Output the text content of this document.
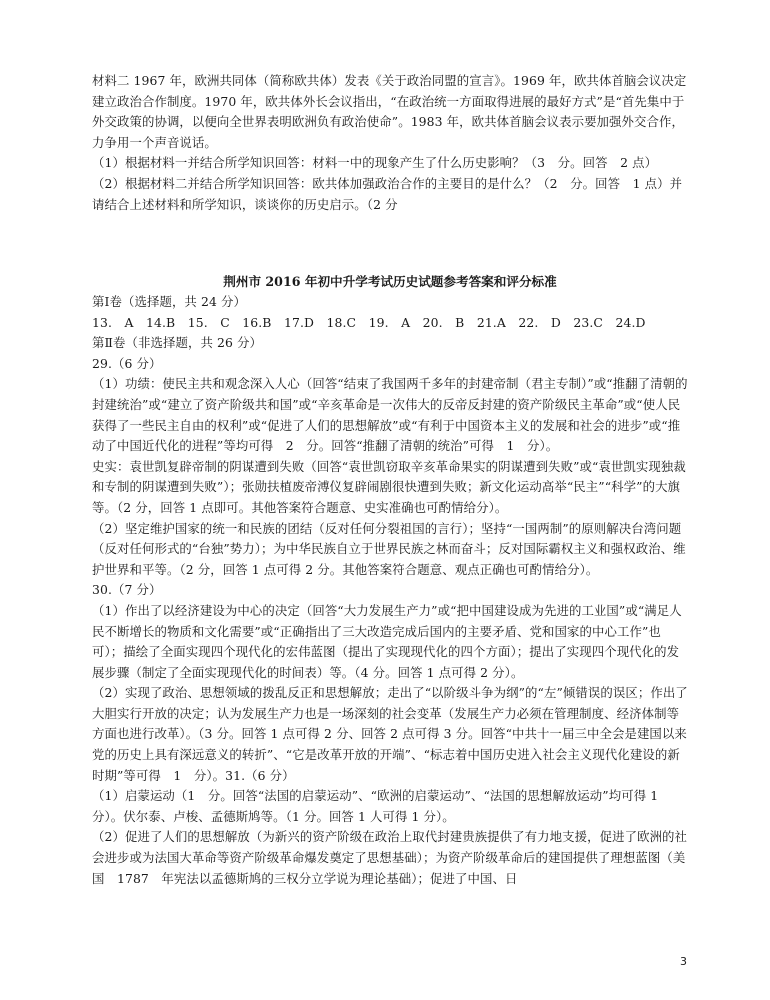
材料二 1967 年，欧洲共同体（简称欧共体）发表《关于政治同盟的宣言》。1969 年，欧共体首脑会议决定建立政治合作制度。1970 年，欧共体外长会议指出，“在政治统一方面取得进展的最好方式”是“首先集中于外交政策的协调，以便向全世界表明欧洲负有政治使命”。1983 年，欧共体首脑会议表示要加强外交合作，力争用一个声音说话。

（1）根据材料一并结合所学知识回答：材料一中的现象产生了什么历史影响？（3　分。回答　2 点）

（2）根据材料二并结合所学知识回答：欧共体加强政治合作的主要目的是什么？（2　分。回答　1 点）并请结合上述材料和所学知识，谈谈你的历史启示。（2 分

荆州市 2016 年初中升学考试历史试题参考答案和评分标准

第Ⅰ卷（选择题，共 24 分）

13.　A　14.B　15.　C　16.B　17.D　18.C　19.　A　20.　B　21.A　22.　D　23.C　24.D

第Ⅱ卷（非选择题，共 26 分）

29.（6 分）

（1）功绩：使民主共和观念深入人心（回答“结束了我国两千多年的封建帝制（君主专制）”或“推翻了清朝的封建统治”或“建立了资产阶级共和国”或“辛亥革命是一次伟大的反帝反封建的资产阶级民主革命”或“使人民获得了一些民主自由的权利”或“促进了人们的思想解放”或“有利于中国资本主义的发展和社会的进步”或“推动了中国近代化的进程”等均可得　2　分。回答“推翻了清朝的统治”可得　1　分）。

史实：袁世凯复辟帝制的阴谋遭到失败（回答“袁世凯窃取辛亥革命果实的阴谋遭到失败”或“袁世凯实现独裁和专制的阴谋遭到失败”）；张勋扶植废帝溥仪复辟闹剧很快遭到失败；新文化运动高举“民主”“科学”的大旗等。（2 分，回答 1 点即可。其他答案符合题意、史实准确也可酌情给分）。

（2）坚定维护国家的统一和民族的团结（反对任何分裂祖国的言行）；坚持“一国两制”的原则解决台湾问题（反对任何形式的“台独”势力）；为中华民族自立于世界民族之林而奋斗；反对国际霸权主义和强权政治、维护世界和平等。（2 分，回答 1 点可得 2 分。其他答案符合题意、观点正确也可酌情给分）。

30.（7 分）

（1）作出了以经济建设为中心的决定（回答“大力发展生产力”或“把中国建设成为先进的工业国”或“满足人民不断增长的物质和文化需要”或“正确指出了三大改造完成后国内的主要矛盾、党和国家的中心工作”也可）；描绘了全面实现四个现代化的宏伟蓝图（提出了实现现代化的四个方面）；提出了实现四个现代化的发展步骤（制定了全面实现现代化的时间表）等。（4 分。回答 1 点可得 2 分）。

（2）实现了政治、思想领域的拨乱反正和思想解放；走出了“以阶级斗争为纲”的“左”倾错误的误区；作出了大胆实行开放的决定；认为发展生产力也是一场深刻的社会变革（发展生产力必须在管理制度、经济体制等方面也进行改革）。（3 分。回答 1 点可得 2 分、回答 2 点可得 3 分。回答“中共十一届三中全会是建国以来党的历史上具有深远意义的转折”、“它是改革开放的开端”、“标志着中国历史进入社会主义现代化建设的新时期”等可得　1　分）。31.（6 分）

（1）启蒙运动（1　分。回答“法国的启蒙运动”、“欧洲的启蒙运动”、“法国的思想解放运动”均可得 1 分）。伏尔泰、卢梭、孟德斯鸠等。（1 分。回答 1 人可得 1 分）。

（2）促进了人们的思想解放（为新兴的资产阶级在政治上取代封建贵族提供了有力地支援，促进了欧洲的社会进步或为法国大革命等资产阶级革命爆发奠定了思想基础）；为资产阶级革命后的建国提供了理想蓝图（美国　1787　年宪法以孟德斯鸠的三权分立学说为理论基础）；促进了中国、日

3
